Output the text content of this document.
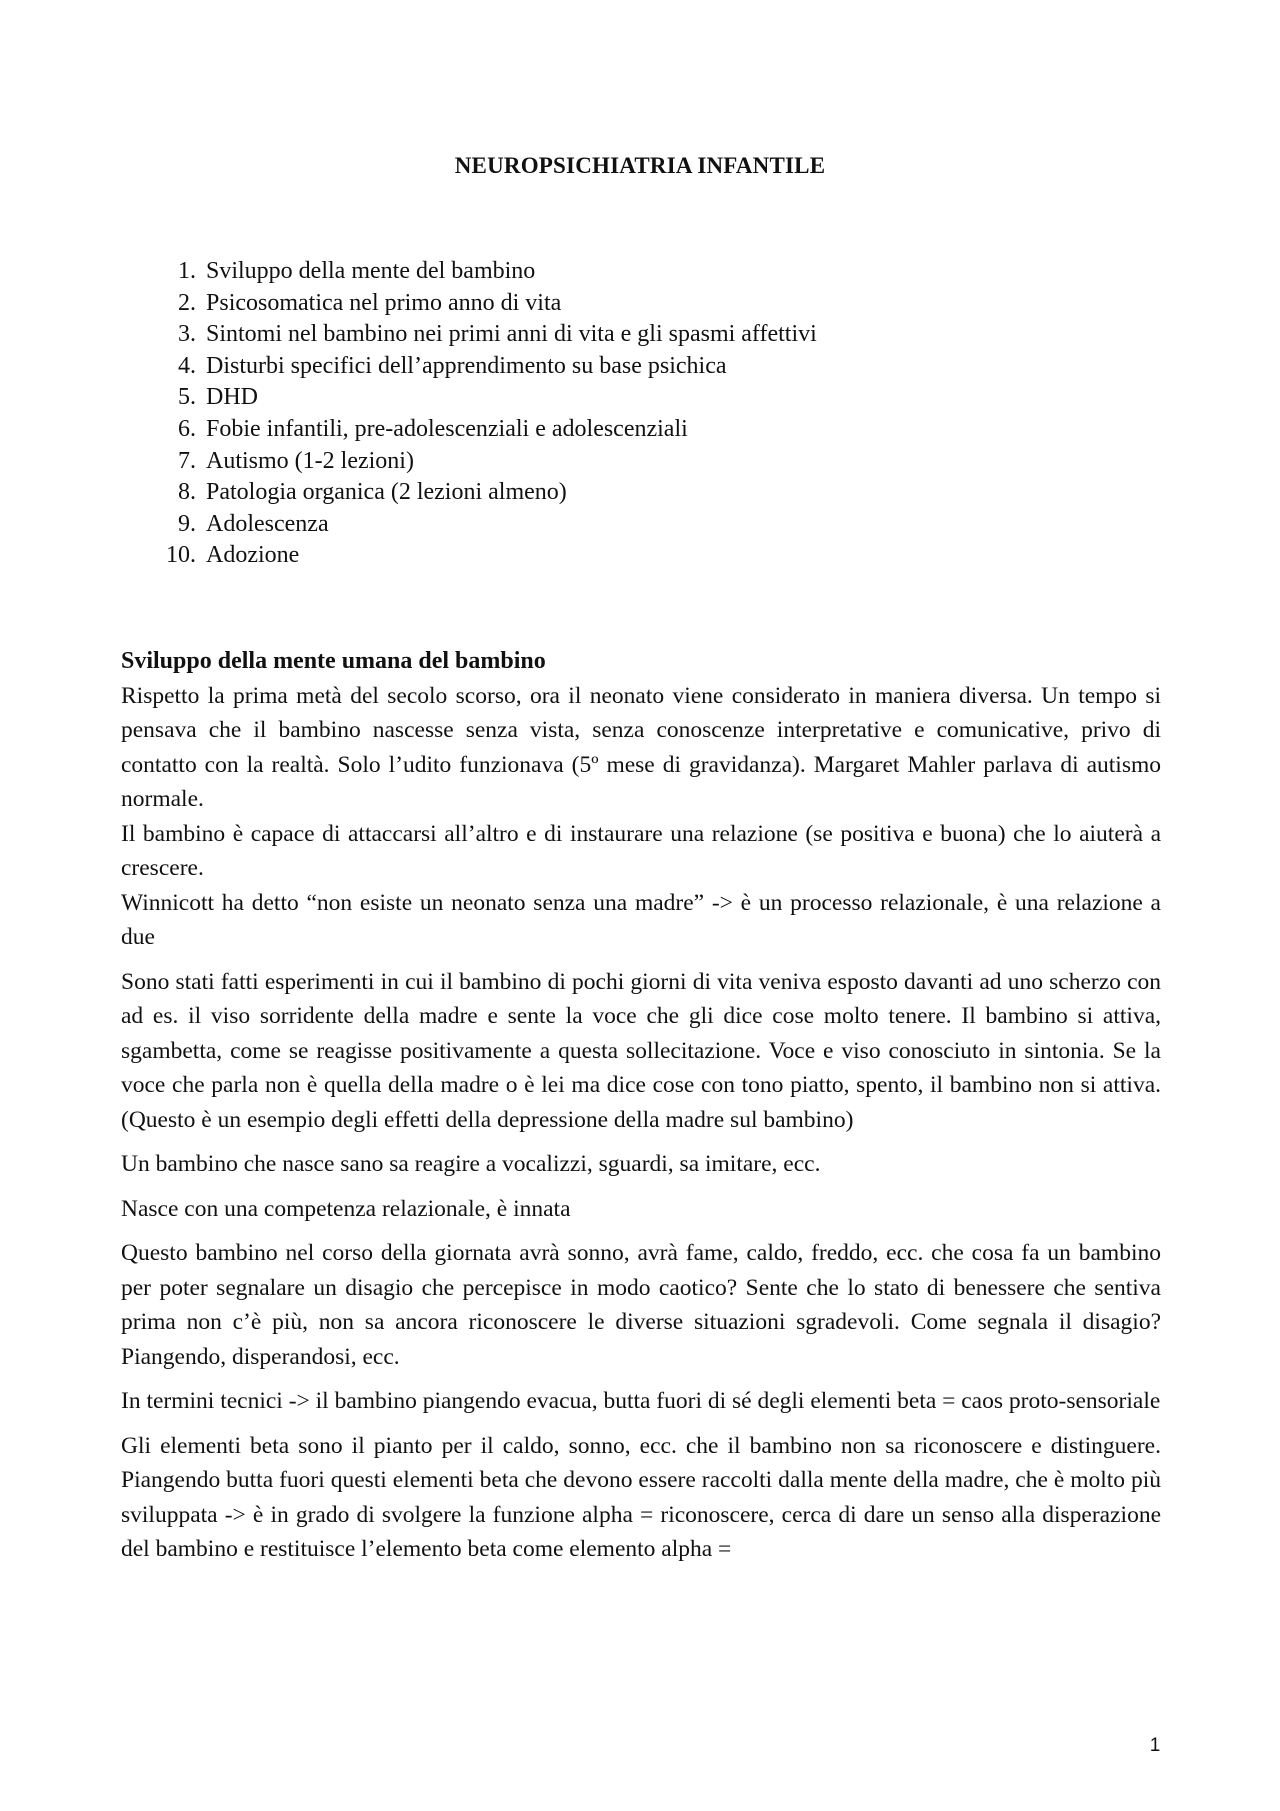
NEUROPSICHIATRIA INFANTILE
1 . Sviluppo della mente del bambino
2 . Psicosomatica nel primo anno di vita
3 . Sintomi nel bambino nei primi anni di vita e gli spasmi affettivi
4 . Disturbi specifici dell’apprendimento su base psichica
5 . DHD
6 . Fobie infantili, pre-adolescenziali e adolescenziali
7 . Autismo (1-2 lezioni)
8 . Patologia organica (2 lezioni almeno)
9 . Adolescenza
10 . Adozione
Sviluppo della mente umana del bambino

Rispetto la prima metà del secolo scorso, ora il neonato viene considerato in maniera diversa. Un tempo si pensava che il bambino nascesse senza vista, senza conoscenze interpretative e comunicative, privo di contatto con la realtà. Solo l’udito funzionava (5º mese di gravidanza). Margaret Mahler parlava di autismo normale.

Il bambino è capace di attaccarsi all’altro e di instaurare una relazione (se positiva e buona) che lo aiuterà a crescere.

Winnicott ha detto “non esiste un neonato senza una madre” -> è un processo relazionale, è una relazione a due

Sono stati fatti esperimenti in cui il bambino di pochi giorni di vita veniva esposto davanti ad uno scherzo con ad es. il viso sorridente della madre e sente la voce che gli dice cose molto tenere. Il bambino si attiva, sgambetta, come se reagisse positivamente a questa sollecitazione. Voce e viso conosciuto in sintonia. Se la voce che parla non è quella della madre o è lei ma dice cose con tono piatto, spento, il bambino non si attiva. (Questo è un esempio degli effetti della depressione della madre sul bambino)

Un bambino che nasce sano sa reagire a vocalizzi, sguardi, sa imitare, ecc.

Nasce con una competenza relazionale, è innata

Questo bambino nel corso della giornata avrà sonno, avrà fame, caldo, freddo, ecc. che cosa fa un bambino per poter segnalare un disagio che percepisce in modo caotico? Sente che lo stato di benessere che sentiva prima non c’è più, non sa ancora riconoscere le diverse situazioni sgradevoli. Come segnala il disagio? Piangendo, disperandosi, ecc.

In termini tecnici -> il bambino piangendo evacua, butta fuori di sé degli elementi beta = caos proto-sensoriale

Gli elementi beta sono il pianto per il caldo, sonno, ecc. che il bambino non sa riconoscere e distinguere. Piangendo butta fuori questi elementi beta che devono essere raccolti dalla mente della madre, che è molto più sviluppata -> è in grado di svolgere la funzione alpha = riconoscere, cerca di dare un senso alla disperazione del bambino e restituisce l’elemento beta come elemento alpha =

1
